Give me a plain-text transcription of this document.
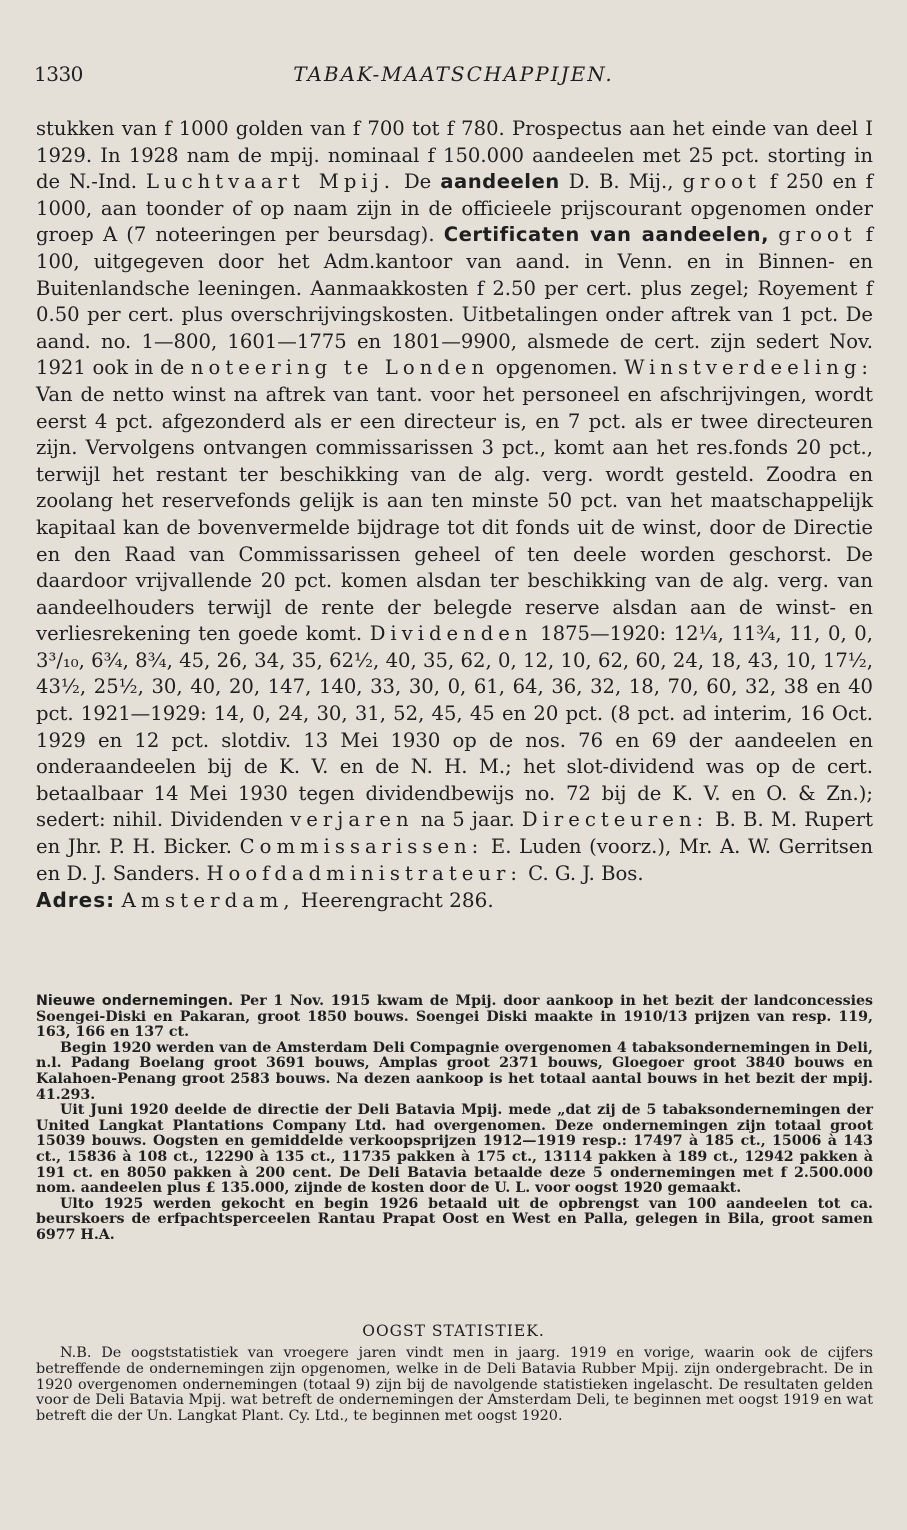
1330	TABAK-MAATSCHAPPIJEN.

stukken van f 1000 golden van f 700 tot f 780. Prospectus aan het einde van deel I 1929. In 1928 nam de mpij. nominaal f 150.000 aandeelen met 25 pct. storting in de N.-Ind. Luchtvaart Mpij. De aandeelen D. B. Mij., groot f 250 en f 1000, aan toonder of op naam zijn in de officieele prijscourant opgenomen onder groep A (7 noteeringen per beursdag). Certificaten van aandeelen, groot f 100, uitgegeven door het Adm.kantoor van aand. in Venn. en in Binnen- en Buitenlandsche leeningen. Aanmaakkosten f 2.50 per cert. plus zegel; Royement f 0.50 per cert. plus overschrijvingskosten. Uitbetalingen onder aftrek van 1 pct. De aand. no. 1—800, 1601—1775 en 1801—9900, alsmede de cert. zijn sedert Nov. 1921 ook in de noteering te Londen opgenomen. Winstverdeeling: Van de netto winst na aftrek van tant. voor het personeel en afschrijvingen, wordt eerst 4 pct. afgezonderd als er een directeur is, en 7 pct. als er twee directeuren zijn. Vervolgens ontvangen commissarissen 3 pct., komt aan het res.fonds 20 pct., terwijl het restant ter beschikking van de alg. verg. wordt gesteld. Zoodra en zoolang het reservefonds gelijk is aan ten minste 50 pct. van het maatschappelijk kapitaal kan de bovenvermelde bijdrage tot dit fonds uit de winst, door de Directie en den Raad van Commissarissen geheel of ten deele worden geschorst. De daardoor vrijvallende 20 pct. komen alsdan ter beschikking van de alg. verg. van aandeelhouders terwijl de rente der belegde reserve alsdan aan de winst- en verliesrekening ten goede komt. Dividenden 1875—1920: 12¼, 11¾, 11, 0, 0, 3³/₁₀, 6¾, 8¾, 45, 26, 34, 35, 62½, 40, 35, 62, 0, 12, 10, 62, 60, 24, 18, 43, 10, 17½, 43½, 25½, 30, 40, 20, 147, 140, 33, 30, 0, 61, 64, 36, 32, 18, 70, 60, 32, 38 en 40 pct. 1921—1929: 14, 0, 24, 30, 31, 52, 45, 45 en 20 pct. (8 pct. ad interim, 16 Oct. 1929 en 12 pct. slotdiv. 13 Mei 1930 op de nos. 76 en 69 der aandeelen en onderaandeelen bij de K. V. en de N. H. M.; het slot-dividend was op de cert. betaalbaar 14 Mei 1930 tegen dividendbewijs no. 72 bij de K. V. en O. & Zn.); sedert: nihil. Dividenden verjaren na 5 jaar. Directeuren: B. B. M. Rupert en Jhr. P. H. Bicker. Commissarissen: E. Luden (voorz.), Mr. A. W. Gerritsen en D. J. Sanders. Hoofdadministrateur: C. G. J. Bos.

Adres: Amsterdam, Heerengracht 286.

Nieuwe ondernemingen. Per 1 Nov. 1915 kwam de Mpij. door aankoop in het bezit der landconcessies Soengei-Diski en Pakaran, groot 1850 bouws. Soengei Diski maakte in 1910/13 prijzen van resp. 119, 163, 166 en 137 ct.

Begin 1920 werden van de Amsterdam Deli Compagnie overgenomen 4 tabaksondernemingen in Deli, n.l. Padang Boelang groot 3691 bouws, Amplas groot 2371 bouws, Gloegoer groot 3840 bouws en Kalahoen-Penang groot 2583 bouws. Na dezen aankoop is het totaal aantal bouws in het bezit der mpij. 41.293.

Uit Juni 1920 deelde de directie der Deli Batavia Mpij. mede „dat zij de 5 tabaksondernemingen der United Langkat Plantations Company Ltd. had overgenomen. Deze ondernemingen zijn totaal groot 15039 bouws. Oogsten en gemiddelde verkoopsprijzen 1912—1919 resp.: 17497 à 185 ct., 15006 à 143 ct., 15836 à 108 ct., 12290 à 135 ct., 11735 pakken à 175 ct., 13114 pakken à 189 ct., 12942 pakken à 191 ct. en 8050 pakken à 200 cent. De Deli Batavia betaalde deze 5 ondernemingen met f 2.500.000 nom. aandeelen plus £ 135.000, zijnde de kosten door de U. L. voor oogst 1920 gemaakt.

Ulto 1925 werden gekocht en begin 1926 betaald uit de opbrengst van 100 aandeelen tot ca. beurskoers de erfpachtsperceelen Rantau Prapat Oost en West en Palla, gelegen in Bila, groot samen 6977 H.A.

OOGST STATISTIEK.

N.B. De oogststatistiek van vroegere jaren vindt men in jaarg. 1919 en vorige, waarin ook de cijfers betreffende de ondernemingen zijn opgenomen, welke in de Deli Batavia Rubber Mpij. zijn ondergebracht. De in 1920 overgenomen ondernemingen (totaal 9) zijn bij de navolgende statistieken ingelascht. De resultaten gelden voor de Deli Batavia Mpij. wat betreft de ondernemingen der Amsterdam Deli, te beginnen met oogst 1919 en wat betreft die der Un. Langkat Plant. Cy. Ltd., te beginnen met oogst 1920.
